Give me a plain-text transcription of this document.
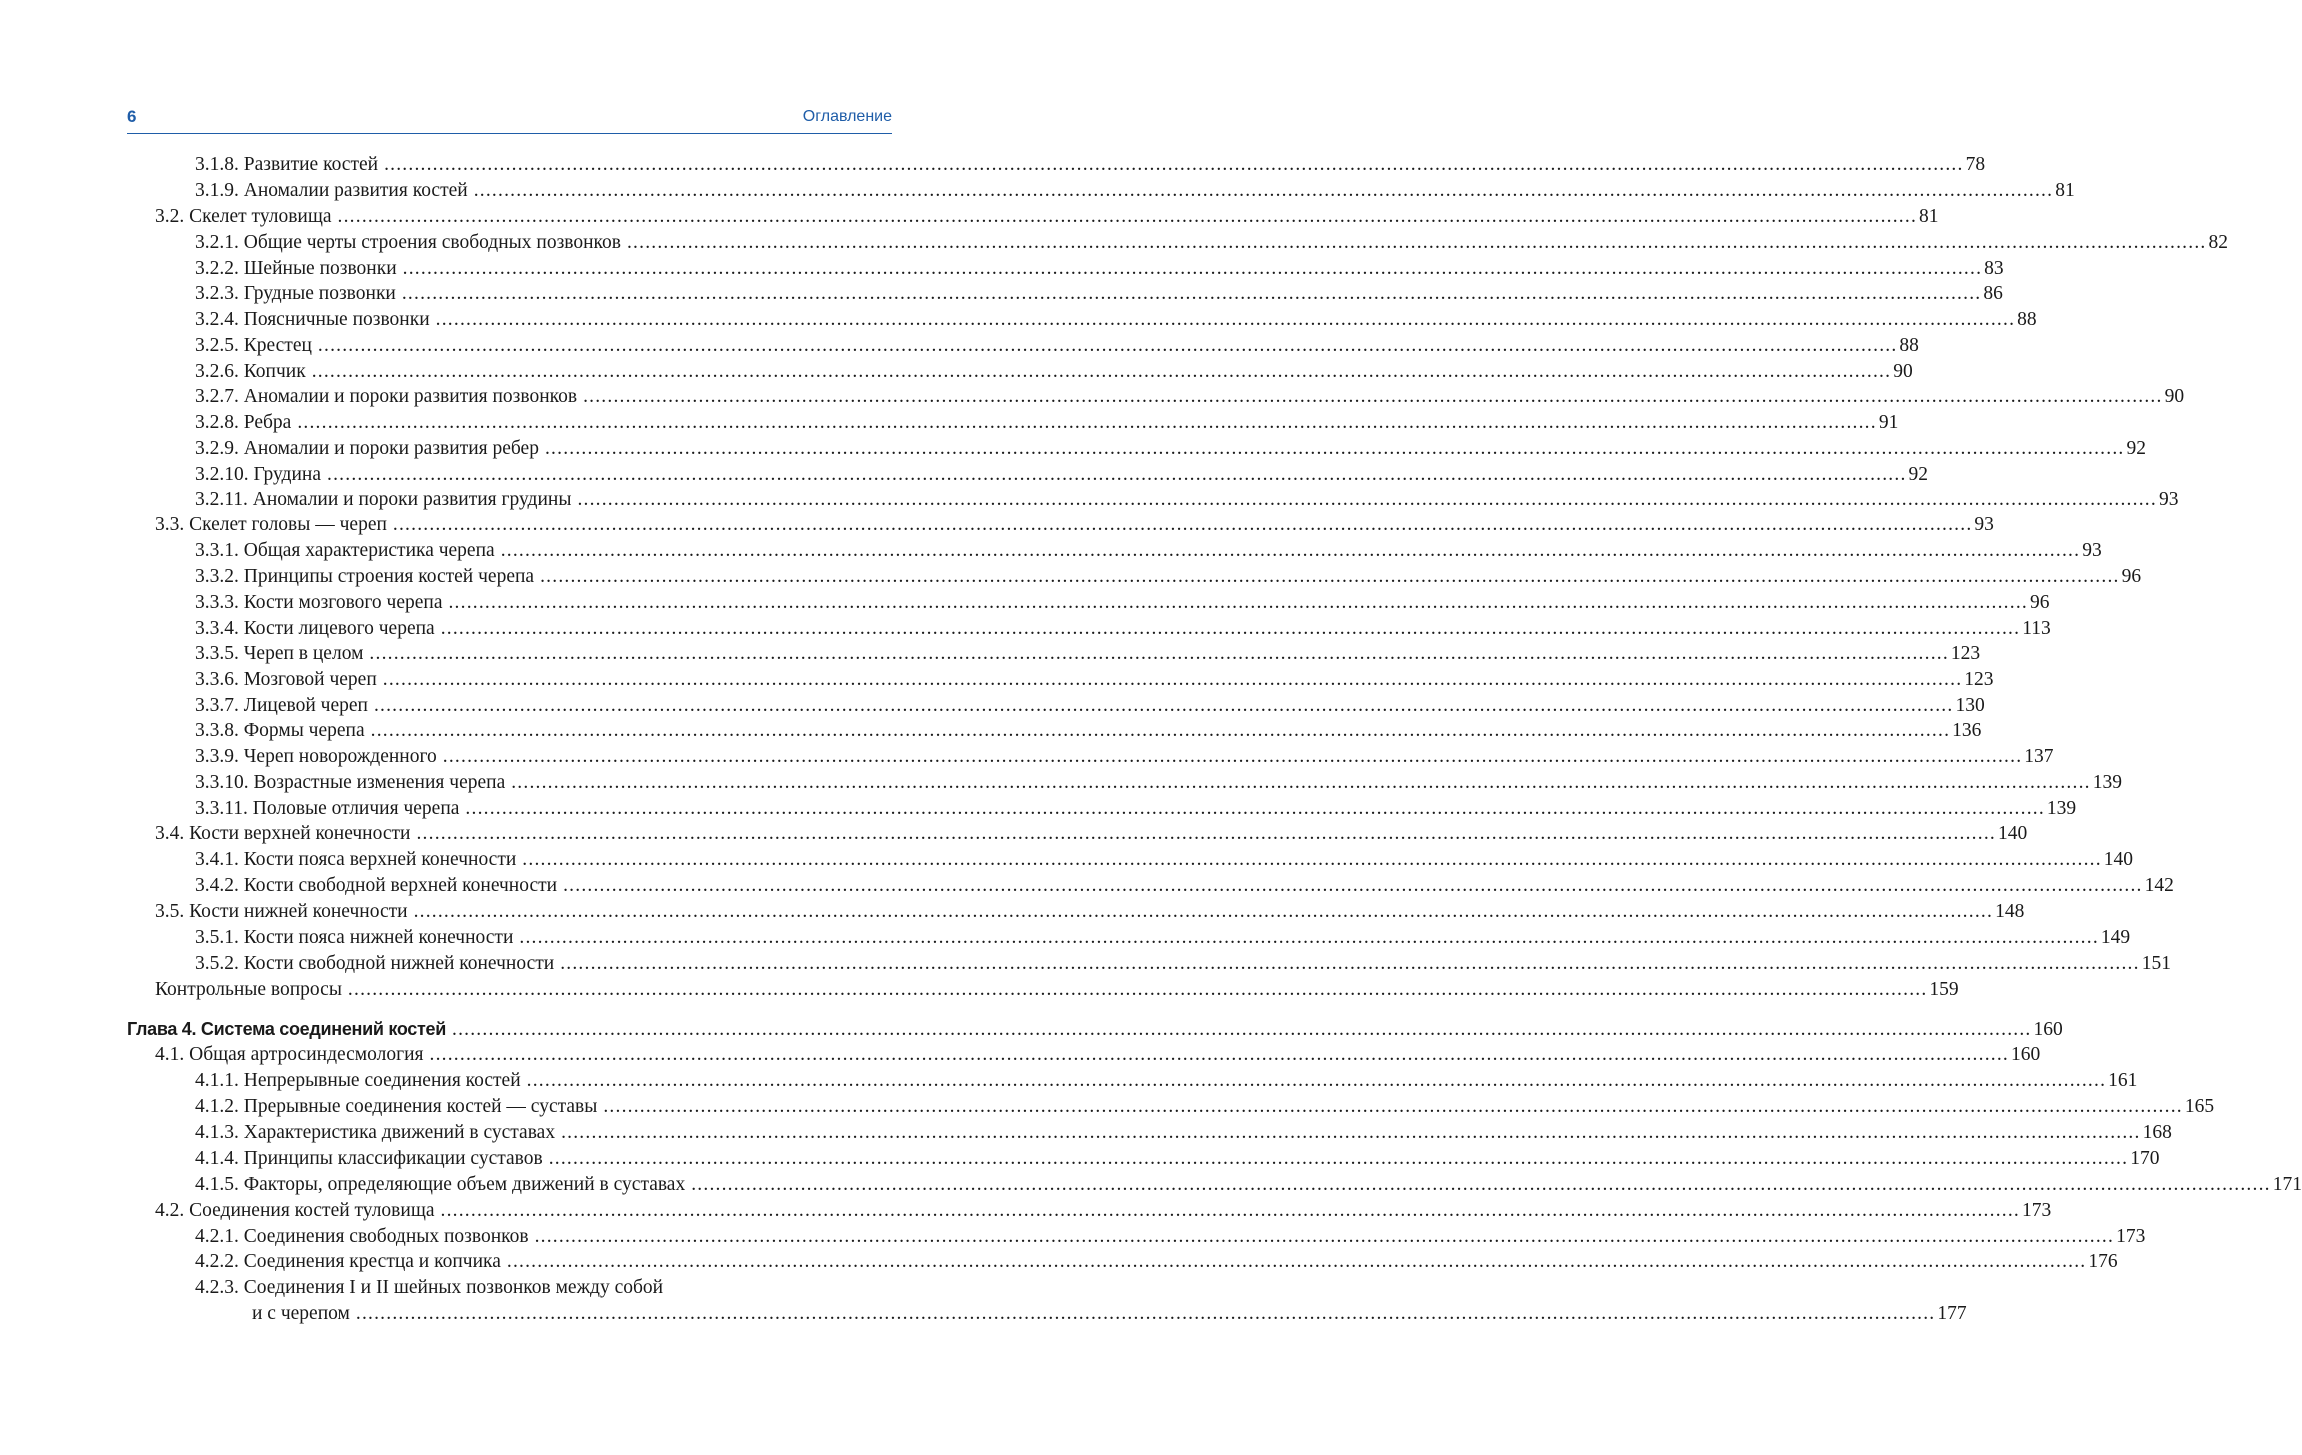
6	Оглавление
3.1.8. Развитие костей .................................................................................................................................................................................................................................................................... 78
3.1.9. Аномалии развития костей .................................................................................................................................................................................................................................................................... 81
3.2. Скелет туловища .................................................................................................................................................................................................................................................................... 81
3.2.1. Общие черты строения свободных позвонков .................................................................................................................................................................................................................................................................... 82
3.2.2. Шейные позвонки .................................................................................................................................................................................................................................................................... 83
3.2.3. Грудные позвонки .................................................................................................................................................................................................................................................................... 86
3.2.4. Поясничные позвонки .................................................................................................................................................................................................................................................................... 88
3.2.5. Крестец .................................................................................................................................................................................................................................................................... 88
3.2.6. Копчик .................................................................................................................................................................................................................................................................... 90
3.2.7. Аномалии и пороки развития позвонков .................................................................................................................................................................................................................................................................... 90
3.2.8. Ребра .................................................................................................................................................................................................................................................................... 91
3.2.9. Аномалии и пороки развития ребер .................................................................................................................................................................................................................................................................... 92
3.2.10. Грудина .................................................................................................................................................................................................................................................................... 92
3.2.11. Аномалии и пороки развития грудины .................................................................................................................................................................................................................................................................... 93
3.3. Скелет головы — череп .................................................................................................................................................................................................................................................................... 93
3.3.1. Общая характеристика черепа .................................................................................................................................................................................................................................................................... 93
3.3.2. Принципы строения костей черепа .................................................................................................................................................................................................................................................................... 96
3.3.3. Кости мозгового черепа .................................................................................................................................................................................................................................................................... 96
3.3.4. Кости лицевого черепа .................................................................................................................................................................................................................................................................... 113
3.3.5. Череп в целом .................................................................................................................................................................................................................................................................... 123
3.3.6. Мозговой череп .................................................................................................................................................................................................................................................................... 123
3.3.7. Лицевой череп .................................................................................................................................................................................................................................................................... 130
3.3.8. Формы черепа .................................................................................................................................................................................................................................................................... 136
3.3.9. Череп новорожденного .................................................................................................................................................................................................................................................................... 137
3.3.10. Возрастные изменения черепа .................................................................................................................................................................................................................................................................... 139
3.3.11. Половые отличия черепа .................................................................................................................................................................................................................................................................... 139
3.4. Кости верхней конечности .................................................................................................................................................................................................................................................................... 140
3.4.1. Кости пояса верхней конечности .................................................................................................................................................................................................................................................................... 140
3.4.2. Кости свободной верхней конечности .................................................................................................................................................................................................................................................................... 142
3.5. Кости нижней конечности .................................................................................................................................................................................................................................................................... 148
3.5.1. Кости пояса нижней конечности .................................................................................................................................................................................................................................................................... 149
3.5.2. Кости свободной нижней конечности .................................................................................................................................................................................................................................................................... 151
Контрольные вопросы .................................................................................................................................................................................................................................................................... 159
Глава 4. Система соединений костей .................................................................................................................................................................................................................................................................... 160
4.1. Общая артросиндесмология .................................................................................................................................................................................................................................................................... 160
4.1.1. Непрерывные соединения костей .................................................................................................................................................................................................................................................................... 161
4.1.2. Прерывные соединения костей — суставы .................................................................................................................................................................................................................................................................... 165
4.1.3. Характеристика движений в суставах .................................................................................................................................................................................................................................................................... 168
4.1.4. Принципы классификации суставов .................................................................................................................................................................................................................................................................... 170
4.1.5. Факторы, определяющие объем движений в суставах .................................................................................................................................................................................................................................................................... 171
4.2. Соединения костей туловища .................................................................................................................................................................................................................................................................... 173
4.2.1. Соединения свободных позвонков .................................................................................................................................................................................................................................................................... 173
4.2.2. Соединения крестца и копчика .................................................................................................................................................................................................................................................................... 176
4.2.3. Соединения I и II шейных позвонков между собой
и с черепом .................................................................................................................................................................................................................................................................... 177
